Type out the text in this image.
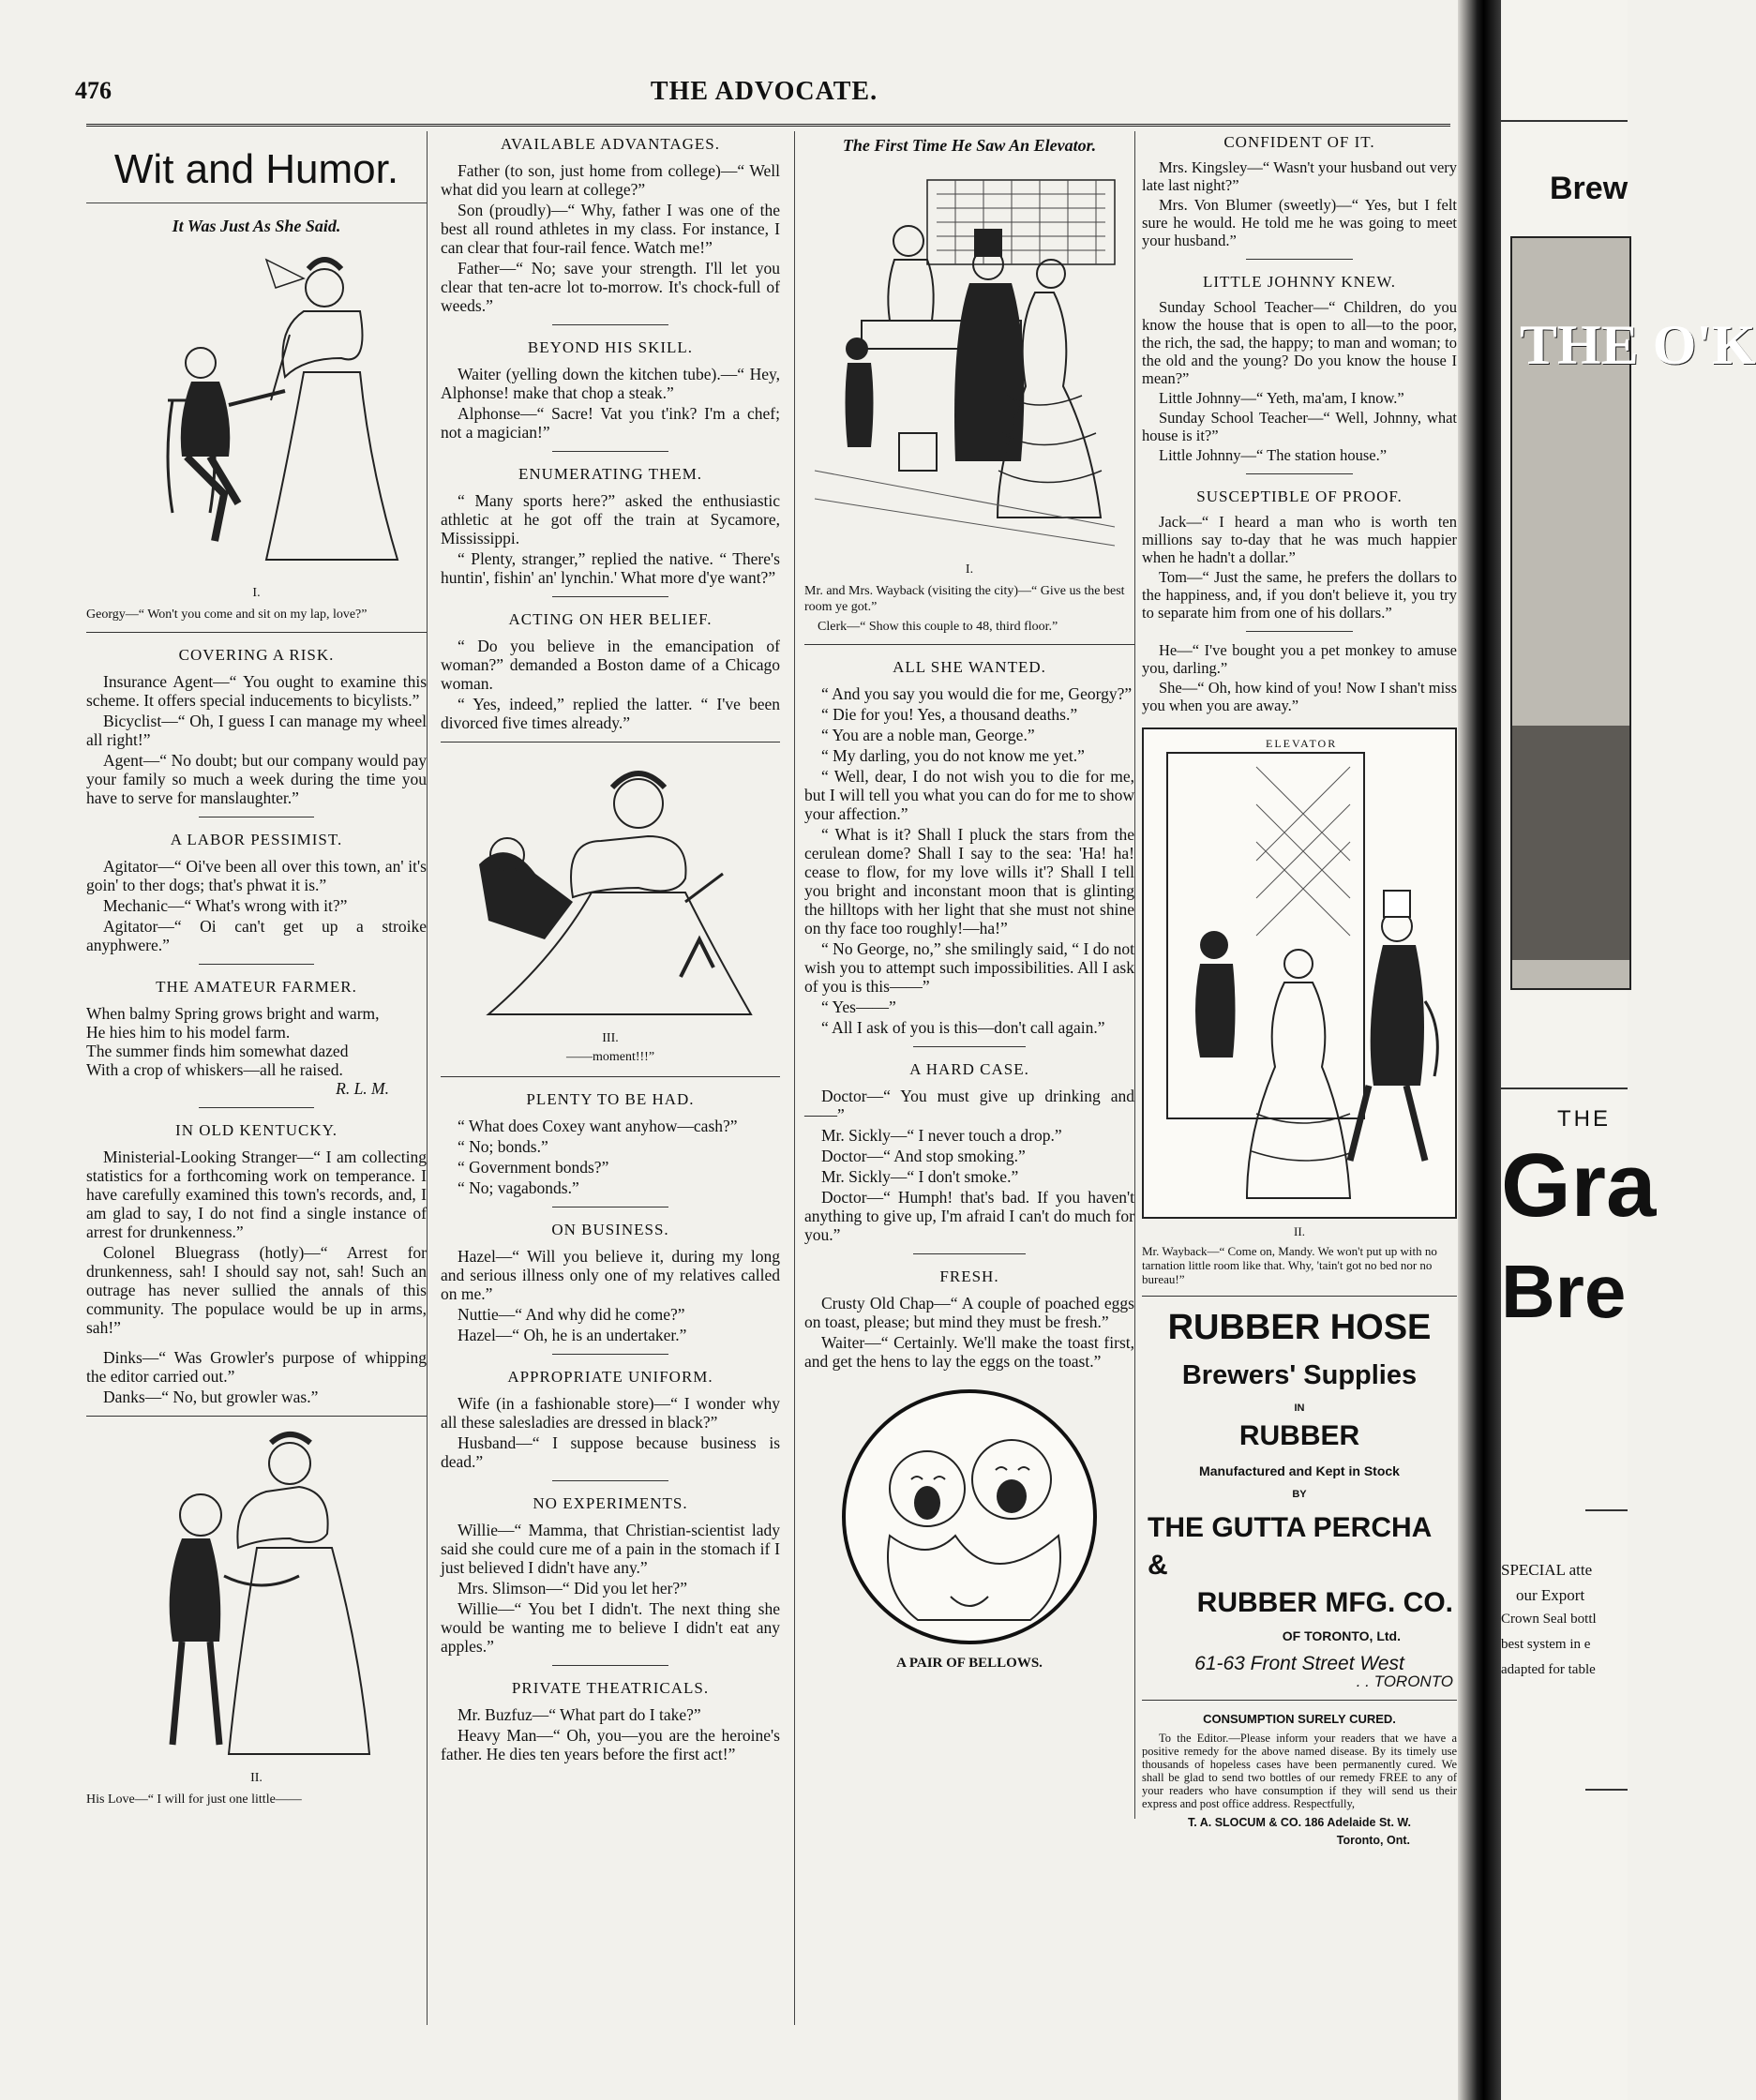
476	THE ADVOCATE.
Wit and Humor.
It Was Just As She Said.
I.
Georgy—“ Won't you come and sit on my lap, love?”
COVERING A RISK.

Insurance Agent—“ You ought to examine this scheme. It offers special inducements to bicylists.”

Bicyclist—“ Oh, I guess I can manage my wheel all right!”

Agent—“ No doubt; but our company would pay your family so much a week during the time you have to serve for manslaughter.”

A LABOR PESSIMIST.

Agitator—“ Oi've been all over this town, an' it's goin' to ther dogs; that's phwat it is.”

Mechanic—“ What's wrong with it?”

Agitator—“ Oi can't get up a stroike anyphwere.”

THE AMATEUR FARMER.
When balmy Spring grows bright and warm,
He hies him to his model farm.
The summer finds him somewhat dazed
With a crop of whiskers—all he raised.
R. L. M.
IN OLD KENTUCKY.

Ministerial-Looking Stranger—“ I am collecting statistics for a forthcoming work on temperance. I have carefully examined this town's records, and, I am glad to say, I do not find a single instance of arrest for drunkenness.”

Colonel Bluegrass (hotly)—“ Arrest for drunkenness, sah! I should say not, sah! Such an outrage has never sullied the annals of this community. The populace would be up in arms, sah!”

Dinks—“ Was Growler's purpose of whipping the editor carried out.”

Danks—“ No, but growler was.”

II.
His Love—“ I will for just one little——
AVAILABLE ADVANTAGES.

Father (to son, just home from college)—“ Well what did you learn at college?”

Son (proudly)—“ Why, father I was one of the best all round athletes in my class. For instance, I can clear that four-rail fence. Watch me!”

Father—“ No; save your strength. I'll let you clear that ten-acre lot to-morrow. It's chock-full of weeds.”

BEYOND HIS SKILL.

Waiter (yelling down the kitchen tube).—“ Hey, Alphonse! make that chop a steak.”

Alphonse—“ Sacre! Vat you t'ink? I'm a chef; not a magician!”

ENUMERATING THEM.

“ Many sports here?” asked the enthusiastic athletic at he got off the train at Sycamore, Mississippi.

“ Plenty, stranger,” replied the native. “ There's huntin', fishin' an' lynchin.' What more d'ye want?”

ACTING ON HER BELIEF.

“ Do you believe in the emancipation of woman?” demanded a Boston dame of a Chicago woman.

“ Yes, indeed,” replied the latter. “ I've been divorced five times already.”

III.
——moment!!!”
PLENTY TO BE HAD.

“ What does Coxey want anyhow—cash?”

“ No; bonds.”

“ Government bonds?”

“ No; vagabonds.”

ON BUSINESS.

Hazel—“ Will you believe it, during my long and serious illness only one of my relatives called on me.”

Nuttie—“ And why did he come?”

Hazel—“ Oh, he is an undertaker.”

APPROPRIATE UNIFORM.

Wife (in a fashionable store)—“ I wonder why all these salesladies are dressed in black?”

Husband—“ I suppose because business is dead.”

NO EXPERIMENTS.

Willie—“ Mamma, that Christian-scientist lady said she could cure me of a pain in the stomach if I just believed I didn't have any.”

Mrs. Slimson—“ Did you let her?”

Willie—“ You bet I didn't. The next thing she would be wanting me to believe I didn't eat any apples.”

PRIVATE THEATRICALS.

Mr. Buzfuz—“ What part do I take?”

Heavy Man—“ Oh, you—you are the heroine's father. He dies ten years before the first act!”

The First Time He Saw An Elevator.
I.
Mr. and Mrs. Wayback (visiting the city)—“ Give us the best room ye got.”
Clerk—“ Show this couple to 48, third floor.”
ALL SHE WANTED.

“ And you say you would die for me, Georgy?”

“ Die for you! Yes, a thousand deaths.”

“ You are a noble man, George.”

“ My darling, you do not know me yet.”

“ Well, dear, I do not wish you to die for me, but I will tell you what you can do for me to show your affection.”

“ What is it? Shall I pluck the stars from the cerulean dome? Shall I say to the sea: 'Ha! ha! cease to flow, for my love wills it'? Shall I tell you bright and inconstant moon that is glinting the hilltops with her light that she must not shine on thy face too roughly!—ha!”

“ No George, no,” she smilingly said, “ I do not wish you to attempt such impossibilities. All I ask of you is this——”

“ Yes——”

“ All I ask of you is this—don't call again.”

A HARD CASE.

Doctor—“ You must give up drinking and——”

Mr. Sickly—“ I never touch a drop.”

Doctor—“ And stop smoking.”

Mr. Sickly—“ I don't smoke.”

Doctor—“ Humph! that's bad. If you haven't anything to give up, I'm afraid I can't do much for you.”

FRESH.

Crusty Old Chap—“ A couple of poached eggs on toast, please; but mind they must be fresh.”

Waiter—“ Certainly. We'll make the toast first, and get the hens to lay the eggs on the toast.”

A PAIR OF BELLOWS.
CONFIDENT OF IT.

Mrs. Kingsley—“ Wasn't your husband out very late last night?”

Mrs. Von Blumer (sweetly)—“ Yes, but I felt sure he would. He told me he was going to meet your husband.”

LITTLE JOHNNY KNEW.

Sunday School Teacher—“ Children, do you know the house that is open to all—to the poor, the rich, the sad, the happy; to man and woman; to the old and the young? Do you know the house I mean?”

Little Johnny—“ Yeth, ma'am, I know.”

Sunday School Teacher—“ Well, Johnny, what house is it?”

Little Johnny—“ The station house.”

SUSCEPTIBLE OF PROOF.

Jack—“ I heard a man who is worth ten millions say to-day that he was much happier when he hadn't a dollar.”

Tom—“ Just the same, he prefers the dollars to the happiness, and, if you don't believe it, you try to separate him from one of his dollars.”

He—“ I've bought you a pet monkey to amuse you, darling.”

She—“ Oh, how kind of you! Now I shan't miss you when you are away.”

ELEVATOR
II.
Mr. Wayback—“ Come on, Mandy. We won't put up with no tarnation little room like that. Why, 'tain't got no bed nor no bureau!”
RUBBER HOSE
Brewers' Supplies
IN
RUBBER
Manufactured and Kept in Stock
BY
THE GUTTA PERCHA &
RUBBER MFG. CO.
OF TORONTO, Ltd.
61-63 Front Street West
. . TORONTO
CONSUMPTION SURELY CURED.

To the Editor.—Please inform your readers that we have a positive remedy for the above named disease. By its timely use thousands of hopeless cases have been permanently cured. We shall be glad to send two bottles of our remedy FREE to any of your readers who have consumption if they will send us their express and post office address. Respectfully,

T. A. SLOCUM & CO. 186 Adelaide St. W.
Toronto, Ont.
Brew
THE O'K
THE
Gra
Bre
SPECIAL atte
our Export
Crown Seal bottl
best system in e
adapted for table
